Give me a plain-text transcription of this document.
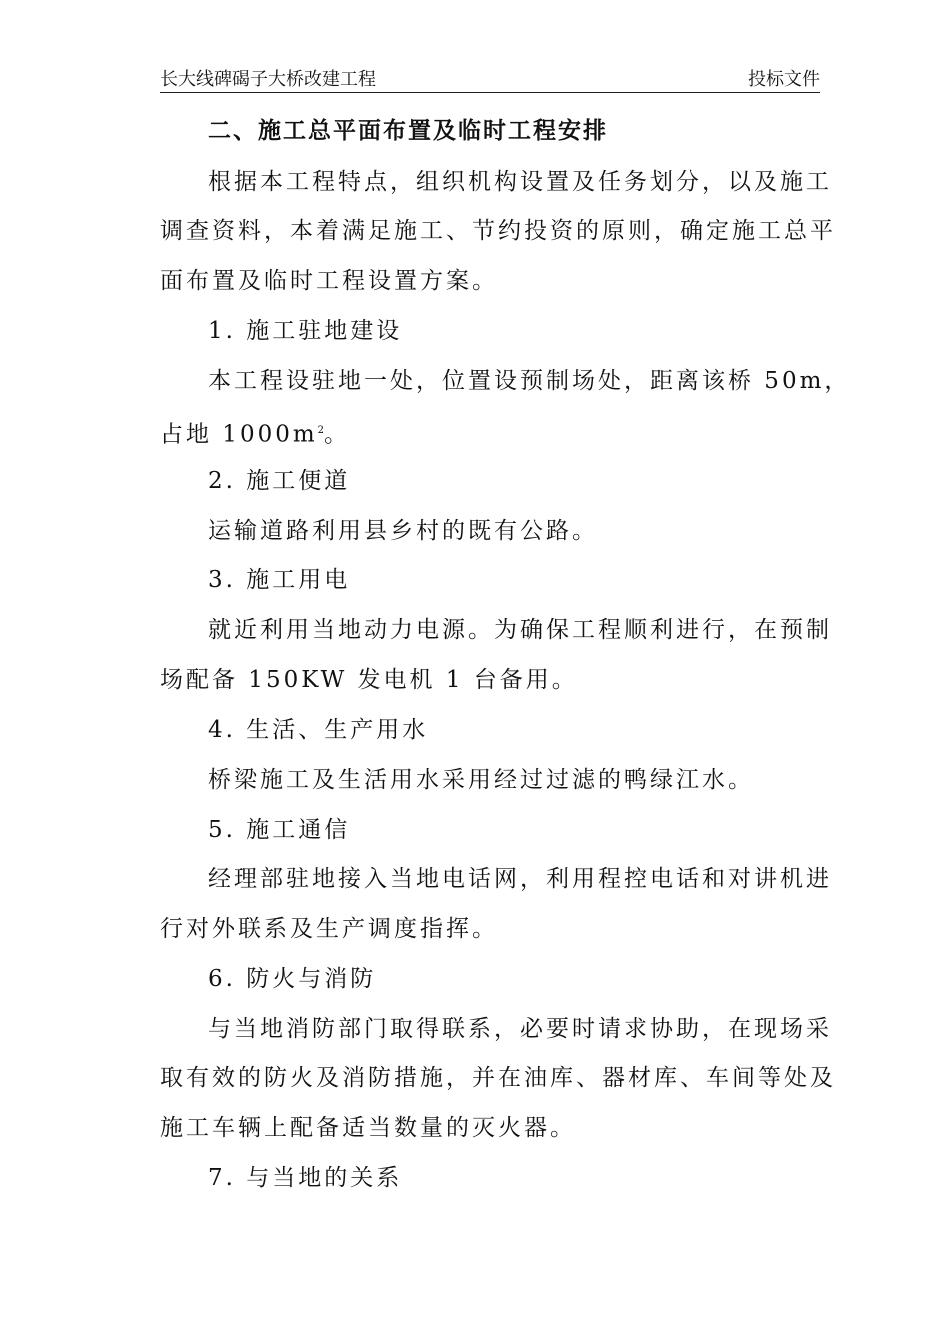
长大线碑碣子大桥改建工程	投标文件
二、施工总平面布置及临时工程安排
根据本工程特点，组织机构设置及任务划分，以及施工
调查资料，本着满足施工、节约投资的原则，确定施工总平
面布置及临时工程设置方案。
1. 施工驻地建设
本工程设驻地一处，位置设预制场处，距离该桥 50m，
占地 $1000m^2$。
2. 施工便道
运输道路利用县乡村的既有公路。
3. 施工用电
就近利用当地动力电源。为确保工程顺利进行，在预制
场配备 150KW 发电机 1 台备用。
4. 生活、生产用水
桥梁施工及生活用水采用经过过滤的鸭绿江水。
5. 施工通信
经理部驻地接入当地电话网，利用程控电话和对讲机进
行对外联系及生产调度指挥。
6. 防火与消防
与当地消防部门取得联系，必要时请求协助，在现场采
取有效的防火及消防措施，并在油库、器材库、车间等处及
施工车辆上配备适当数量的灭火器。
7. 与当地的关系
